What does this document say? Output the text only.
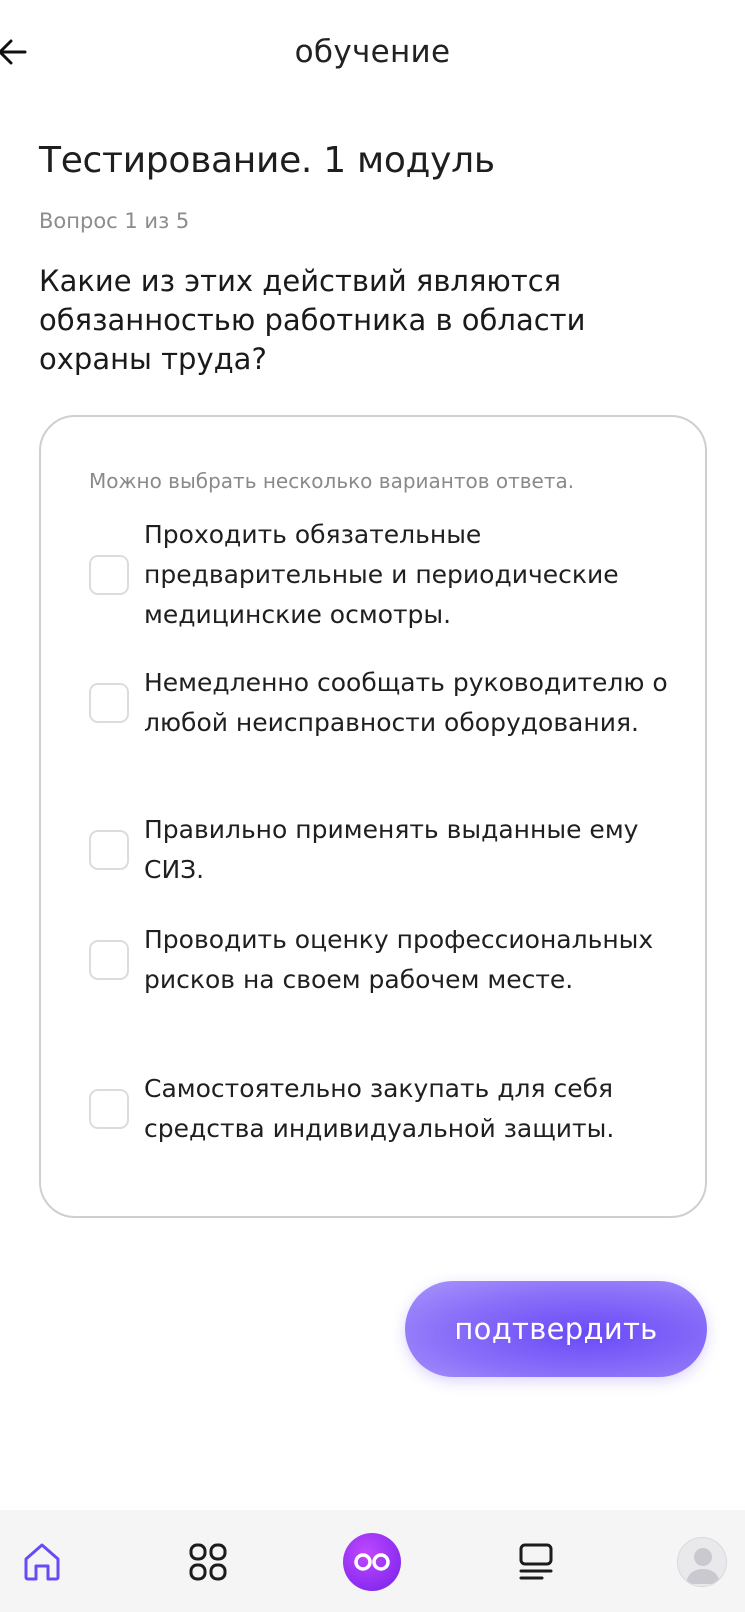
обучение
Тестирование. 1 модуль
Вопрос 1 из 5
Какие из этих действий являются обязанностью работника в области охраны труда?
Можно выбрать несколько вариантов ответа.
Проходить обязательные предварительные и периодические медицинские осмотры.
Немедленно сообщать руководителю о любой неисправности оборудования.
Правильно применять выданные ему СИЗ.
Проводить оценку профессиональных рисков на своем рабочем месте.
Самостоятельно закупать для себя средства индивидуальной защиты.
подтвердить
